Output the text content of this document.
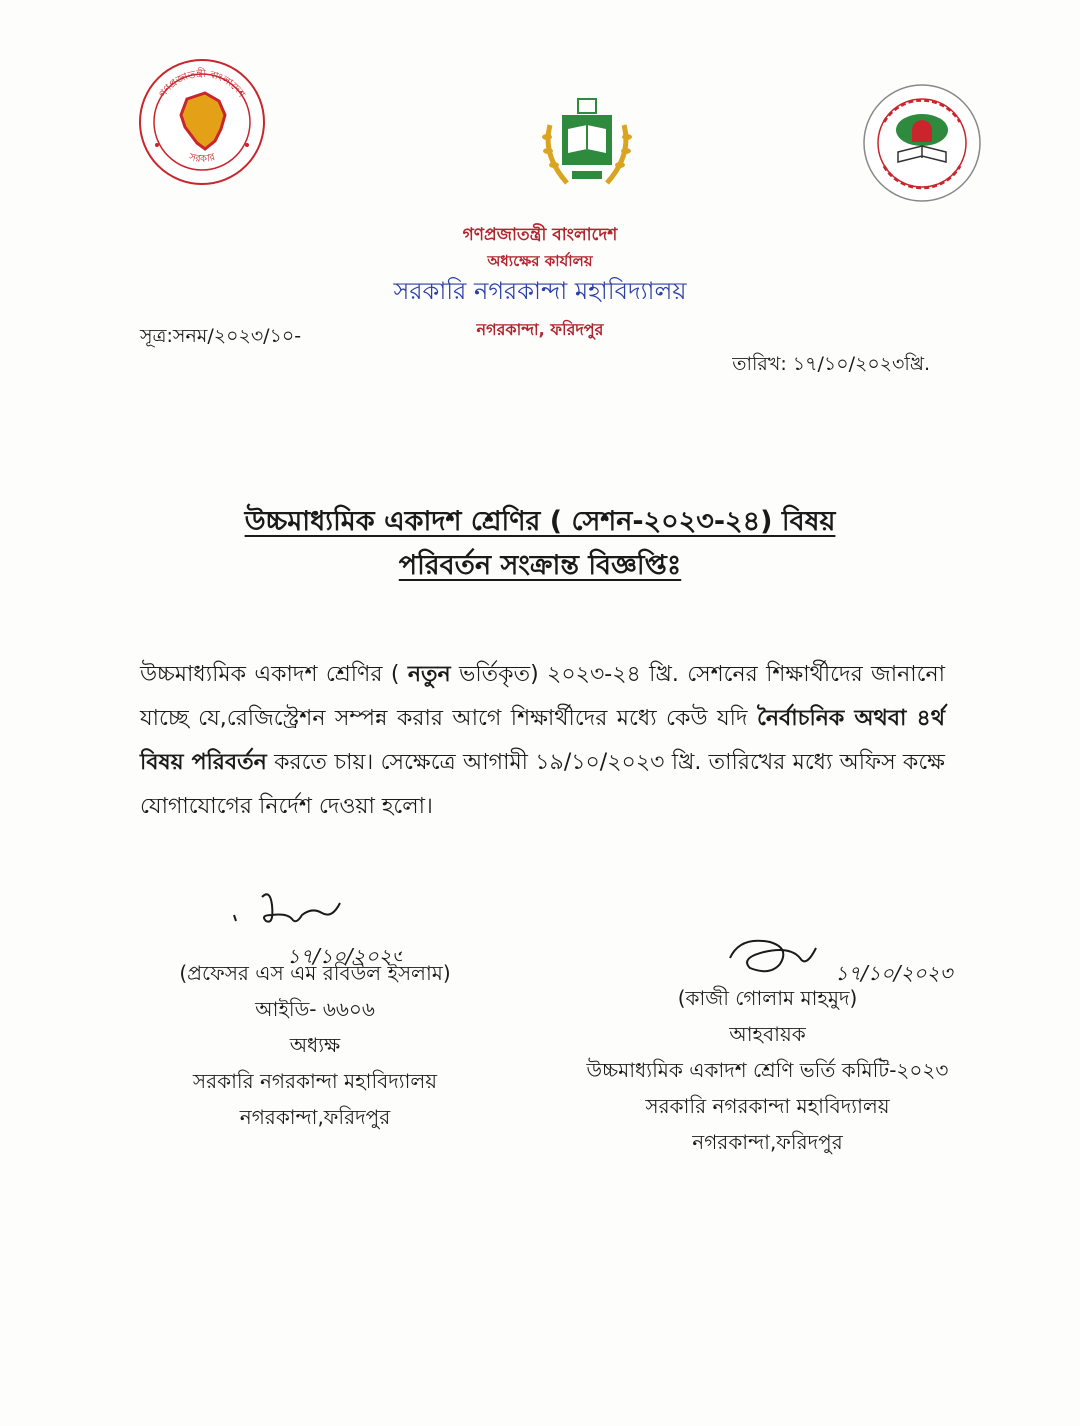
গণপ্রজাতন্ত্রী বাংলাদেশ
সরকার
গণপ্রজাতন্ত্রী বাংলাদেশ
অধ্যক্ষের কার্যালয়
সরকারি নগরকান্দা মহাবিদ্যালয়
নগরকান্দা, ফরিদপুর
সূত্র:সনম/২০২৩/১০-
তারিখ: ১৭/১০/২০২৩খ্রি.
উচ্চমাধ্যমিক একাদশ শ্রেণির ( সেশন-২০২৩-২৪) বিষয়
পরিবর্তন সংক্রান্ত বিজ্ঞপ্তিঃ
উচ্চমাধ্যমিক একাদশ শ্রেণির ( নতুন ভর্তিকৃত) ২০২৩-২৪ খ্রি. সেশনের শিক্ষার্থীদের জানানো যাচ্ছে যে,রেজিস্ট্রেশন সম্পন্ন করার আগে শিক্ষার্থীদের মধ্যে কেউ যদি নৈর্বাচনিক অথবা ৪র্থ বিষয় পরিবর্তন করতে চায়। সেক্ষেত্রে আগামী ১৯/১০/২০২৩ খ্রি. তারিখের মধ্যে অফিস কক্ষে যোগাযোগের নির্দেশ দেওয়া হলো।
১৭/১০/২০২৩
(প্রফেসর এস এম রবিউল ইসলাম)
আইডি- ৬৬০৬
অধ্যক্ষ
সরকারি নগরকান্দা মহাবিদ্যালয়
নগরকান্দা,ফরিদপুর
১৭/১০/২০২৩
(কাজী গোলাম মাহমুদ)
আহবায়ক
উচ্চমাধ্যমিক একাদশ শ্রেণি ভর্তি কমিটি-২০২৩
সরকারি নগরকান্দা মহাবিদ্যালয়
নগরকান্দা,ফরিদপুর
